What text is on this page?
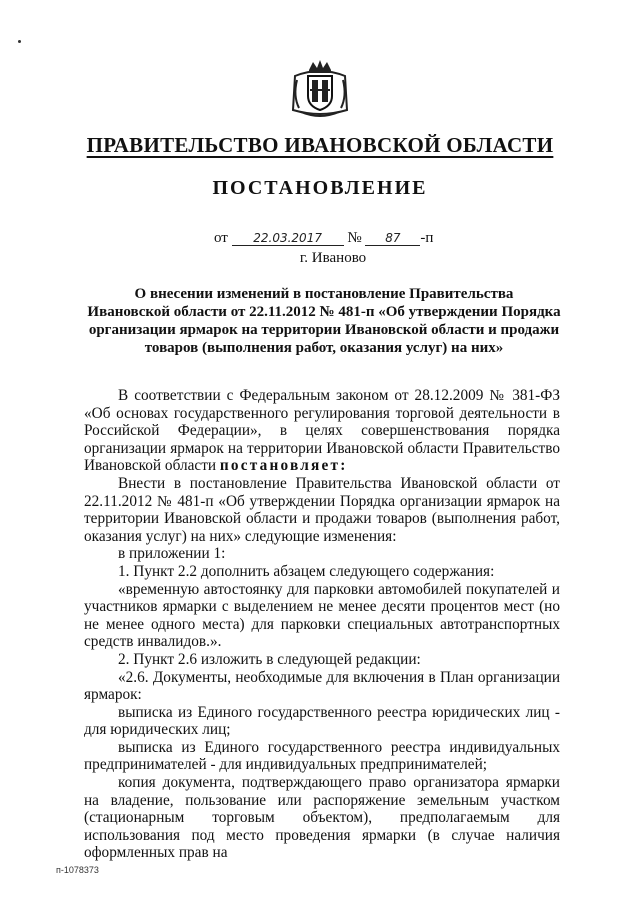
ПРАВИТЕЛЬСТВО ИВАНОВСКОЙ ОБЛАСТИ
ПОСТАНОВЛЕНИЕ
от 22.03.2017 № 87 -п
г. Иваново
О внесении изменений в постановление Правительства
Ивановской области от 22.11.2012 № 481-п «Об утверждении Порядка
организации ярмарок на территории Ивановской области и продажи
товаров (выполнения работ, оказания услуг) на них»

В соответствии с Федеральным законом от 28.12.2009 № 381-ФЗ «Об основах государственного регулирования торговой деятельности в Российской Федерации», в целях совершенствования порядка организации ярмарок на территории Ивановской области Правительство Ивановской области постановляет:

Внести в постановление Правительства Ивановской области от 22.11.2012 № 481-п «Об утверждении Порядка организации ярмарок на территории Ивановской области и продажи товаров (выполнения работ, оказания услуг) на них» следующие изменения:

в приложении 1:

1. Пункт 2.2 дополнить абзацем следующего содержания:

«временную автостоянку для парковки автомобилей покупателей и участников ярмарки с выделением не менее десяти процентов мест (но не менее одного места) для парковки специальных автотранспортных средств инвалидов.».

2. Пункт 2.6 изложить в следующей редакции:

«2.6. Документы, необходимые для включения в План организации ярмарок:

выписка из Единого государственного реестра юридических лиц - для юридических лиц;

выписка из Единого государственного реестра индивидуальных предпринимателей - для индивидуальных предпринимателей;

копия документа, подтверждающего право организатора ярмарки на владение, пользование или распоряжение земельным участком (стационарным торговым объектом), предполагаемым для использования под место проведения ярмарки (в случае наличия оформленных прав на

п-1078373
